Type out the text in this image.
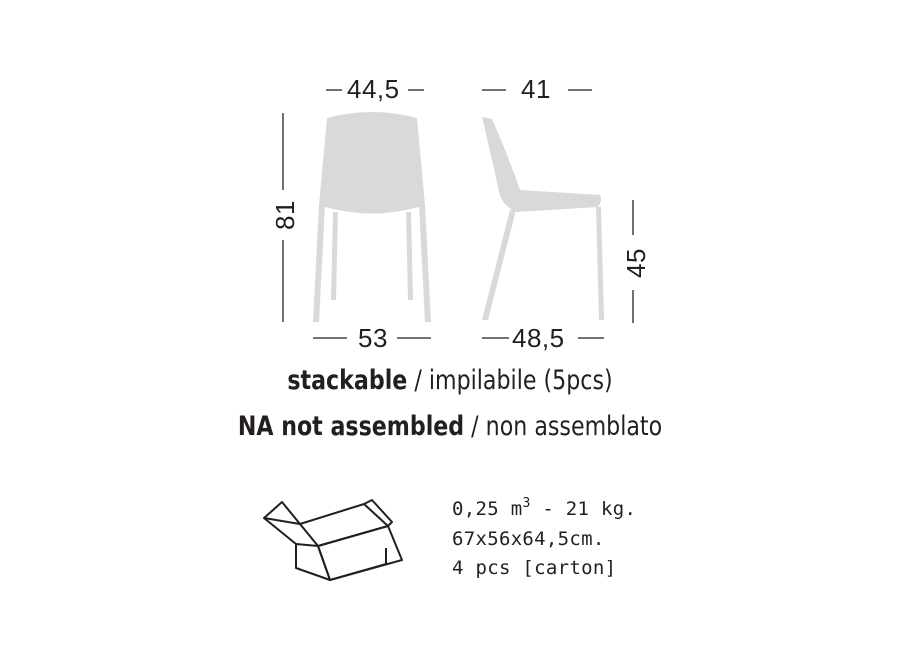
44,5	41
81
45
53	48,5
stackable / impilabile (5pcs)
NA not assembled / non assemblato
0,25 $m^3 - 21$ kg.
67x56x64,5cm.
4 pcs [carton]
